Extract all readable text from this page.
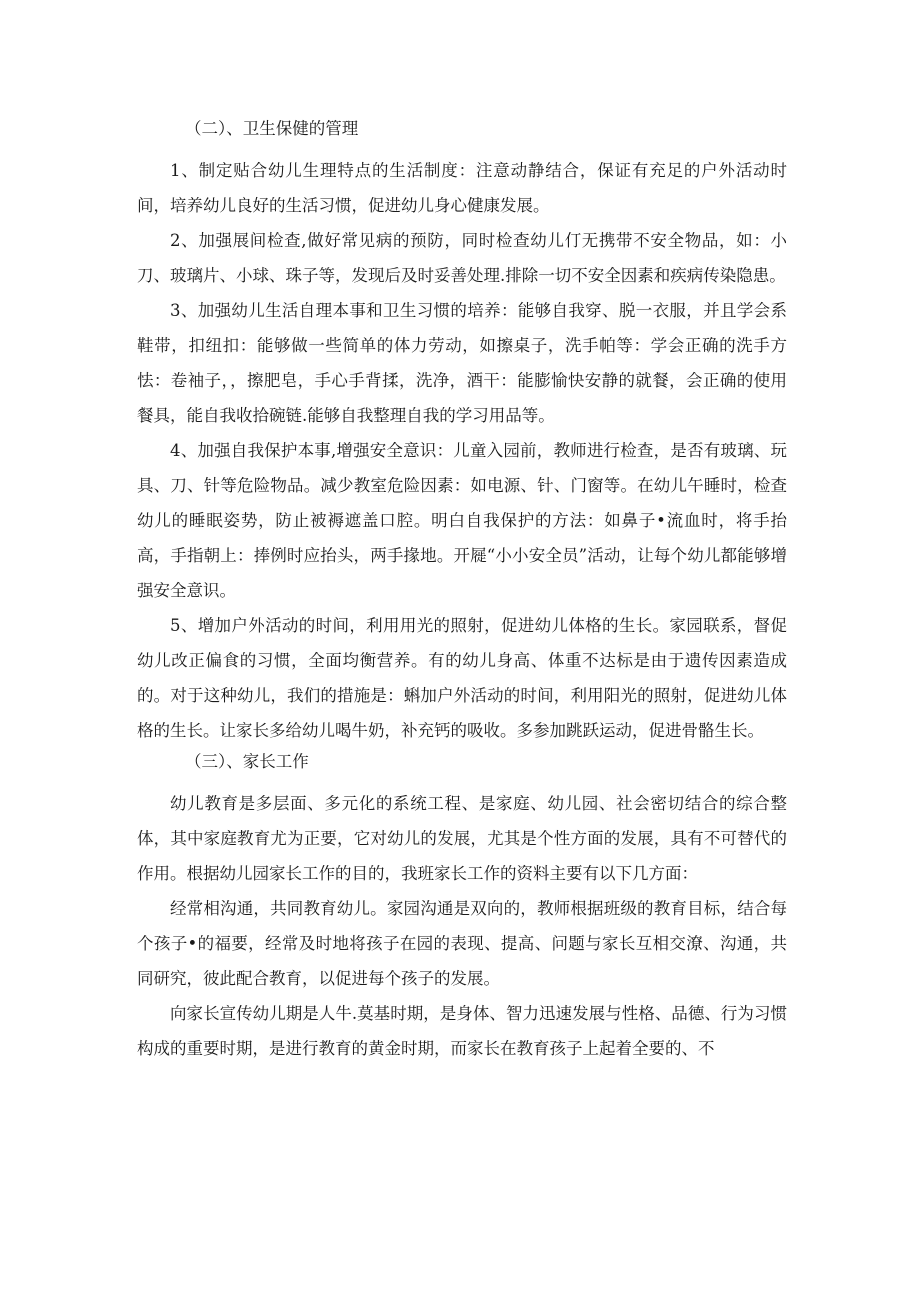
（二）、卫生保健的管理

1、制定贴合幼儿生理特点的生活制度：注意动静结合，保证有充足的户外活动时间，培养幼儿良好的生活习惯，促进幼儿身心健康发展。

2、加强展间检查,做好常见病的预防，同时检查幼儿仃无携带不安全物品，如：小刀、玻璃片、小球、珠子等，发现后及时妥善处理.排除一切不安全因素和疾病传染隐患。

3、加强幼儿生活自理本事和卫生习惯的培养：能够自我穿、脱一衣服，并且学会系鞋带，扣纽扣：能够做一些简单的体力劳动，如擦桌子，洗手帕等：学会正确的洗手方怯：卷袖子，，擦肥皂，手心手背揉，洗净，酒干：能膨愉快安静的就餐，会正确的使用餐具，能自我收拾碗链.能够自我整理自我的学习用品等。

4、加强自我保护本事,增强安全意识：儿童入园前，教师进行检查，是否有玻璃、玩具、刀、针等危险物品。减少教室危险因素：如电源、针、门窗等。在幼儿午睡时，检查幼儿的睡眠姿势，防止被褥遮盖口腔。明白自我保护的方法：如鼻子•流血时，将手抬高，手指朝上：捧例时应抬头，两手掾地。开屣“小小安全员”活动，让每个幼儿都能够增强安全意识。

5、增加户外活动的时间，利用用光的照射，促进幼儿体格的生长。家园联系，督促幼儿改正偏食的习惯，全面均衡营养。有的幼儿身高、体重不达标是由于遗传因素造成的。对于这种幼儿，我们的措施是：蝌加户外活动的时间，利用阳光的照射，促进幼儿体格的生长。让家长多给幼儿喝牛奶，补充钙的吸收。多参加跳跃运动，促进骨骼生长。

（三）、家长工作

幼儿教育是多层面、多元化的系统工程、是家庭、幼儿园、社会密切结合的综合整体，其中家庭教育尤为正要，它对幼儿的发展，尤其是个性方面的发展，具有不可替代的作用。根据幼儿园家长工作的目的，我班家长工作的资料主要有以下几方面：

经常相沟通，共同教育幼儿。家园沟通是双向的，教师根据班级的教育目标，结合每个孩子•的福要，经常及时地将孩子在园的表现、提高、问题与家长互相交潦、沟通，共同研究，彼此配合教育，以促进每个孩子的发展。

向家长宣传幼儿期是人牛.莫基时期，是身体、智力迅速发展与性格、品德、行为习惯构成的重要时期，是进行教育的黄金时期，而家长在教育孩子上起着全要的、不
